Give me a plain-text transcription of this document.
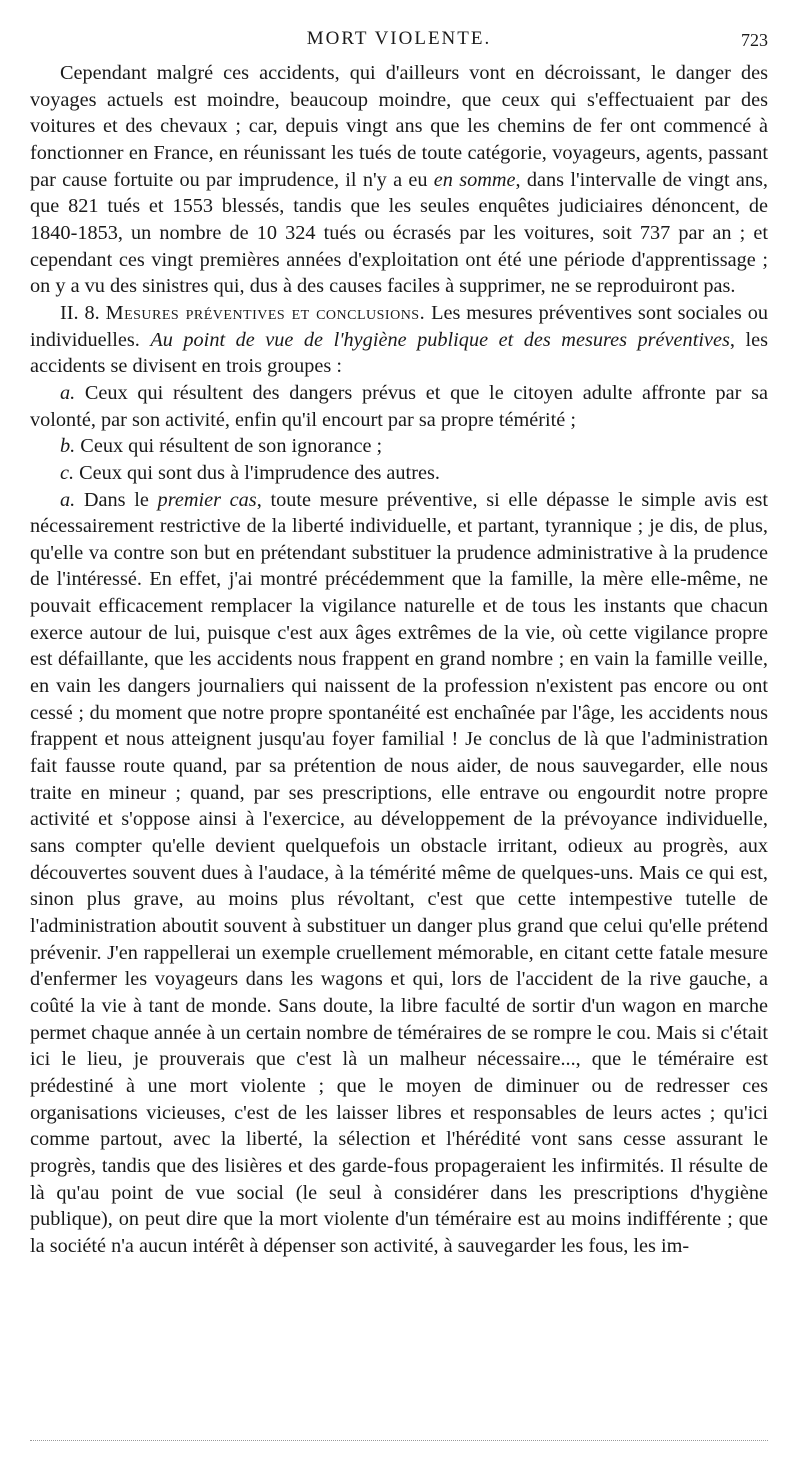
MORT VIOLENTE.	723

Cependant malgré ces accidents, qui d'ailleurs vont en décroissant, le danger des voyages actuels est moindre, beaucoup moindre, que ceux qui s'effectuaient par des voitures et des chevaux ; car, depuis vingt ans que les chemins de fer ont commencé à fonctionner en France, en réunissant les tués de toute catégorie, voyageurs, agents, passant par cause fortuite ou par imprudence, il n'y a eu en somme, dans l'intervalle de vingt ans, que 821 tués et 1553 blessés, tandis que les seules enquêtes judiciaires dénoncent, de 1840-1853, un nombre de 10 324 tués ou écrasés par les voitures, soit 737 par an ; et cependant ces vingt premières années d'exploitation ont été une période d'apprentissage ; on y a vu des sinistres qui, dus à des causes faciles à supprimer, ne se reproduiront pas.

II. 8. Mesures préventives et conclusions. Les mesures préventives sont sociales ou individuelles. Au point de vue de l'hygiène publique et des mesures préventives, les accidents se divisent en trois groupes :

a. Ceux qui résultent des dangers prévus et que le citoyen adulte affronte par sa volonté, par son activité, enfin qu'il encourt par sa propre témérité ;

b. Ceux qui résultent de son ignorance ;

c. Ceux qui sont dus à l'imprudence des autres.

a. Dans le premier cas, toute mesure préventive, si elle dépasse le simple avis est nécessairement restrictive de la liberté individuelle, et partant, tyrannique ; je dis, de plus, qu'elle va contre son but en prétendant substituer la prudence administrative à la prudence de l'intéressé. En effet, j'ai montré précédemment que la famille, la mère elle-même, ne pouvait efficacement remplacer la vigilance naturelle et de tous les instants que chacun exerce autour de lui, puisque c'est aux âges extrêmes de la vie, où cette vigilance propre est défaillante, que les accidents nous frappent en grand nombre ; en vain la famille veille, en vain les dangers journaliers qui naissent de la profession n'existent pas encore ou ont cessé ; du moment que notre propre spontanéité est enchaînée par l'âge, les accidents nous frappent et nous atteignent jusqu'au foyer familial ! Je conclus de là que l'administration fait fausse route quand, par sa prétention de nous aider, de nous sauvegarder, elle nous traite en mineur ; quand, par ses prescriptions, elle entrave ou engourdit notre propre activité et s'oppose ainsi à l'exercice, au développement de la prévoyance individuelle, sans compter qu'elle devient quelquefois un obstacle irritant, odieux au progrès, aux découvertes souvent dues à l'audace, à la témérité même de quelques-uns. Mais ce qui est, sinon plus grave, au moins plus révoltant, c'est que cette intempestive tutelle de l'administration aboutit souvent à substituer un danger plus grand que celui qu'elle prétend prévenir. J'en rappellerai un exemple cruellement mémorable, en citant cette fatale mesure d'enfermer les voyageurs dans les wagons et qui, lors de l'accident de la rive gauche, a coûté la vie à tant de monde. Sans doute, la libre faculté de sortir d'un wagon en marche permet chaque année à un certain nombre de téméraires de se rompre le cou. Mais si c'était ici le lieu, je prouverais que c'est là un malheur nécessaire..., que le téméraire est prédestiné à une mort violente ; que le moyen de diminuer ou de redresser ces organisations vicieuses, c'est de les laisser libres et responsables de leurs actes ; qu'ici comme partout, avec la liberté, la sélection et l'hérédité vont sans cesse assurant le progrès, tandis que des lisières et des garde-fous propageraient les infirmités. Il résulte de là qu'au point de vue social (le seul à considérer dans les prescriptions d'hygiène publique), on peut dire que la mort violente d'un téméraire est au moins indifférente ; que la société n'a aucun intérêt à dépenser son activité, à sauvegarder les fous, les im-
